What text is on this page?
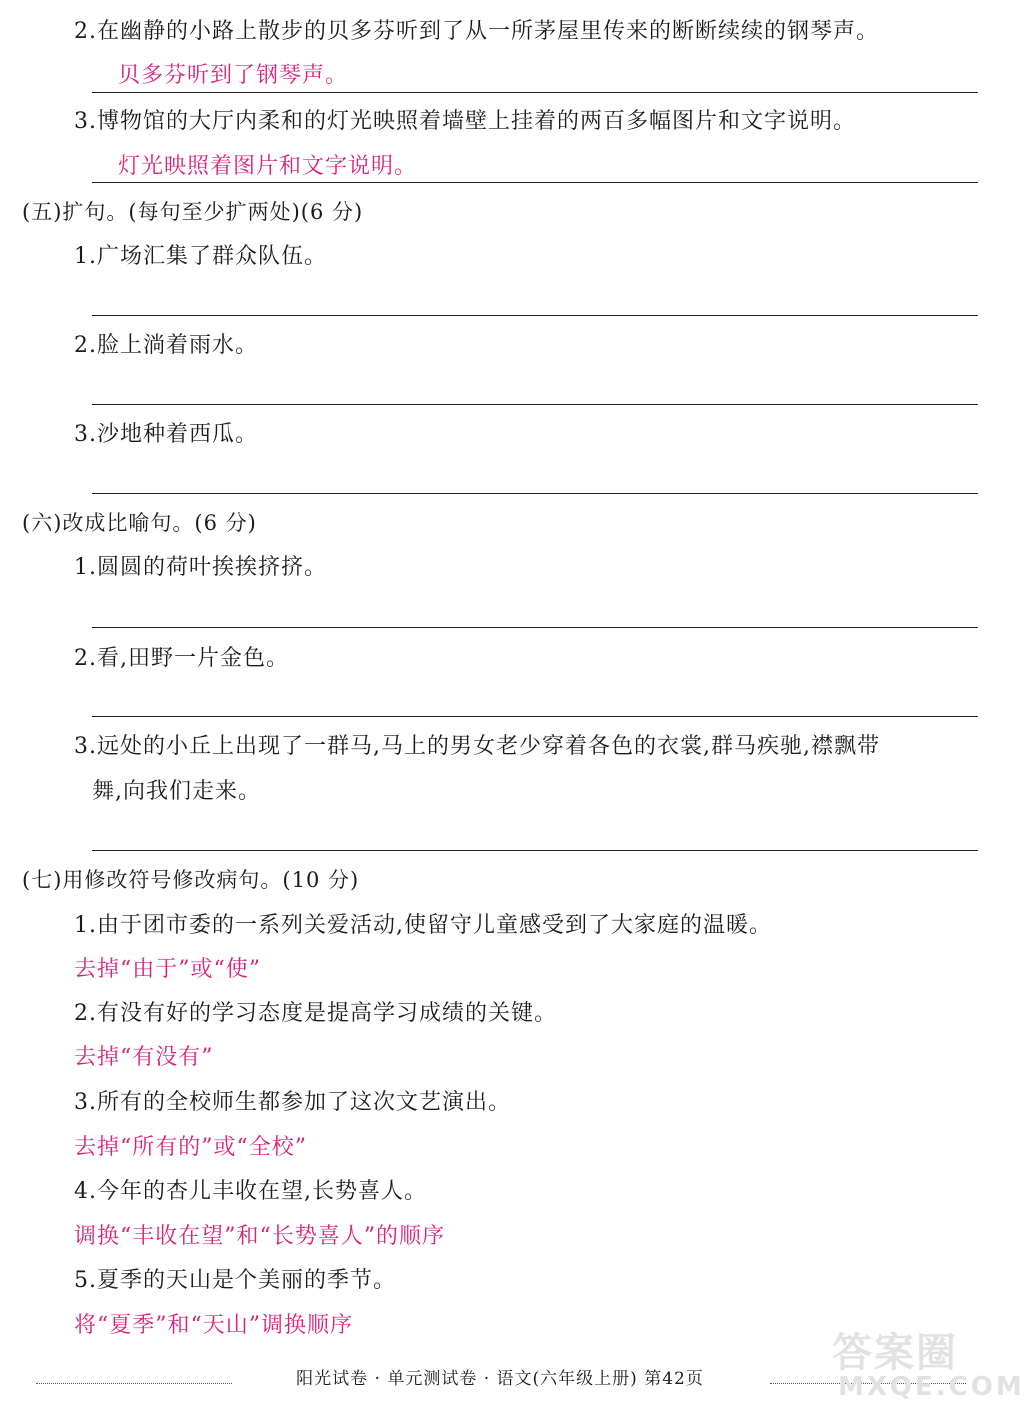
2.在幽静的小路上散步的贝多芬听到了从一所茅屋里传来的断断续续的钢琴声。
贝多芬听到了钢琴声。
3.博物馆的大厅内柔和的灯光映照着墙壁上挂着的两百多幅图片和文字说明。
灯光映照着图片和文字说明。
(五)扩句。(每句至少扩两处)(6 分)
1.广场汇集了群众队伍。
2.脸上淌着雨水。
3.沙地种着西瓜。
(六)改成比喻句。(6 分)
1.圆圆的荷叶挨挨挤挤。
2.看,田野一片金色。
3.远处的小丘上出现了一群马,马上的男女老少穿着各色的衣裳,群马疾驰,襟飘带
舞,向我们走来。
(七)用修改符号修改病句。(10 分)
1.由于团市委的一系列关爱活动,使留守儿童感受到了大家庭的温暖。
去掉“由于”或“使”
2.有没有好的学习态度是提高学习成绩的关键。
去掉“有没有”
3.所有的全校师生都参加了这次文艺演出。
去掉“所有的”或“全校”
4.今年的杏儿丰收在望,长势喜人。
调换“丰收在望”和“长势喜人”的顺序
5.夏季的天山是个美丽的季节。
将“夏季”和“天山”调换顺序
阳光试卷 · 单元测试卷 · 语文(六年级上册) 第42页
答案圈
MXQE.COM
